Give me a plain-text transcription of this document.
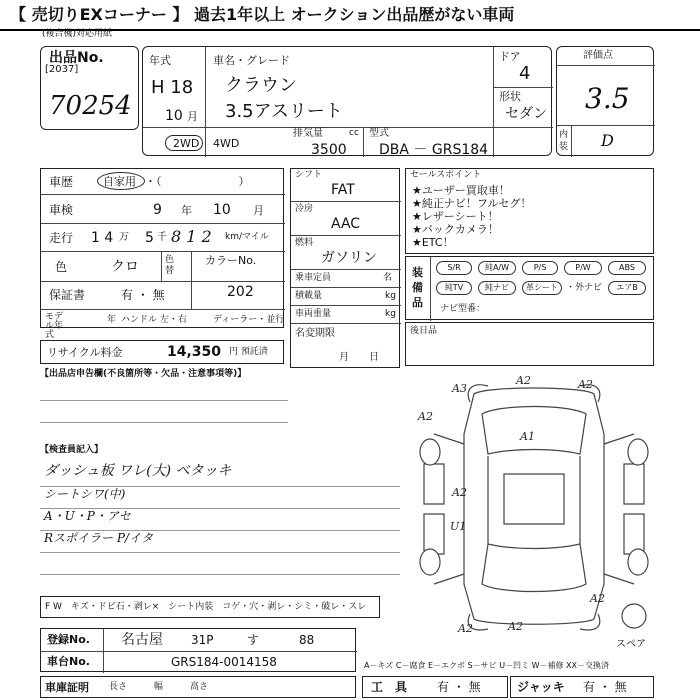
【 売切りEXコーナー 】 過去1年以上 オークション出品歴がない車両
(複合機)対応用紙
出品No.
[2037]
70254
年式
H 18
10 月
車名・グレード
クラウン
3.5アスリート
ドア
4
形状
セダン
2WD 4WD
排気量	cc
3500
型式
DBA － GRS184
評価点
3.5
内装 D
車歴	自家用 ・（　　　　　　　）
車検	9 年 10 月
走行 1 4 万 5 千 8 1 2 km/マイル
色	クロ	色替
カラーNo.
202
保証書	有 ・ 無
モデル年式
年 ハンドル 左・右	ディーラー・並行
リサイクル料金	14,350 円 預託済
シフト
FAT
冷房
AAC
燃料
ガソリン
乗車定員	名
積載量	kg
車両重量	kg
名変期限
月　　日
セールスポイント
★ユーザー買取車！
★純正ナビ！フルセグ！
★レザーシート！
★バックカメラ！
★ETC！
装備品
S/R	純A/W	P/S	P/W	ABS
純TV	純ナビ	革シート ・外ナビ	エアB
ナビ型番：
後日品
【出品店申告欄(不良箇所等・欠品・注意事項等)】
【検査員記入】
ダッシュ板 ワレ(大) ベタッキ
シートシワ(中)
A・U・P・アセ
Rスポイラー P/イタ
A3
A2	A2
A2
A1
A2
U1
A2
A2
A2
スペア
F W　キズ・ドビ石・剥レ×　シート内装　コゲ・穴・剥レ・シミ・破レ・スレ
登録No. 名古屋 31P	す	88
車台No.	GRS184-0014158	A－キズ C－腐食 E－エクボ S－サビ U－凹ミ W－補修 XX－交換済
車庫証明 長さ　　　幅　　　高さ	工　具 有 ・ 無	ジャッキ 有 ・ 無
